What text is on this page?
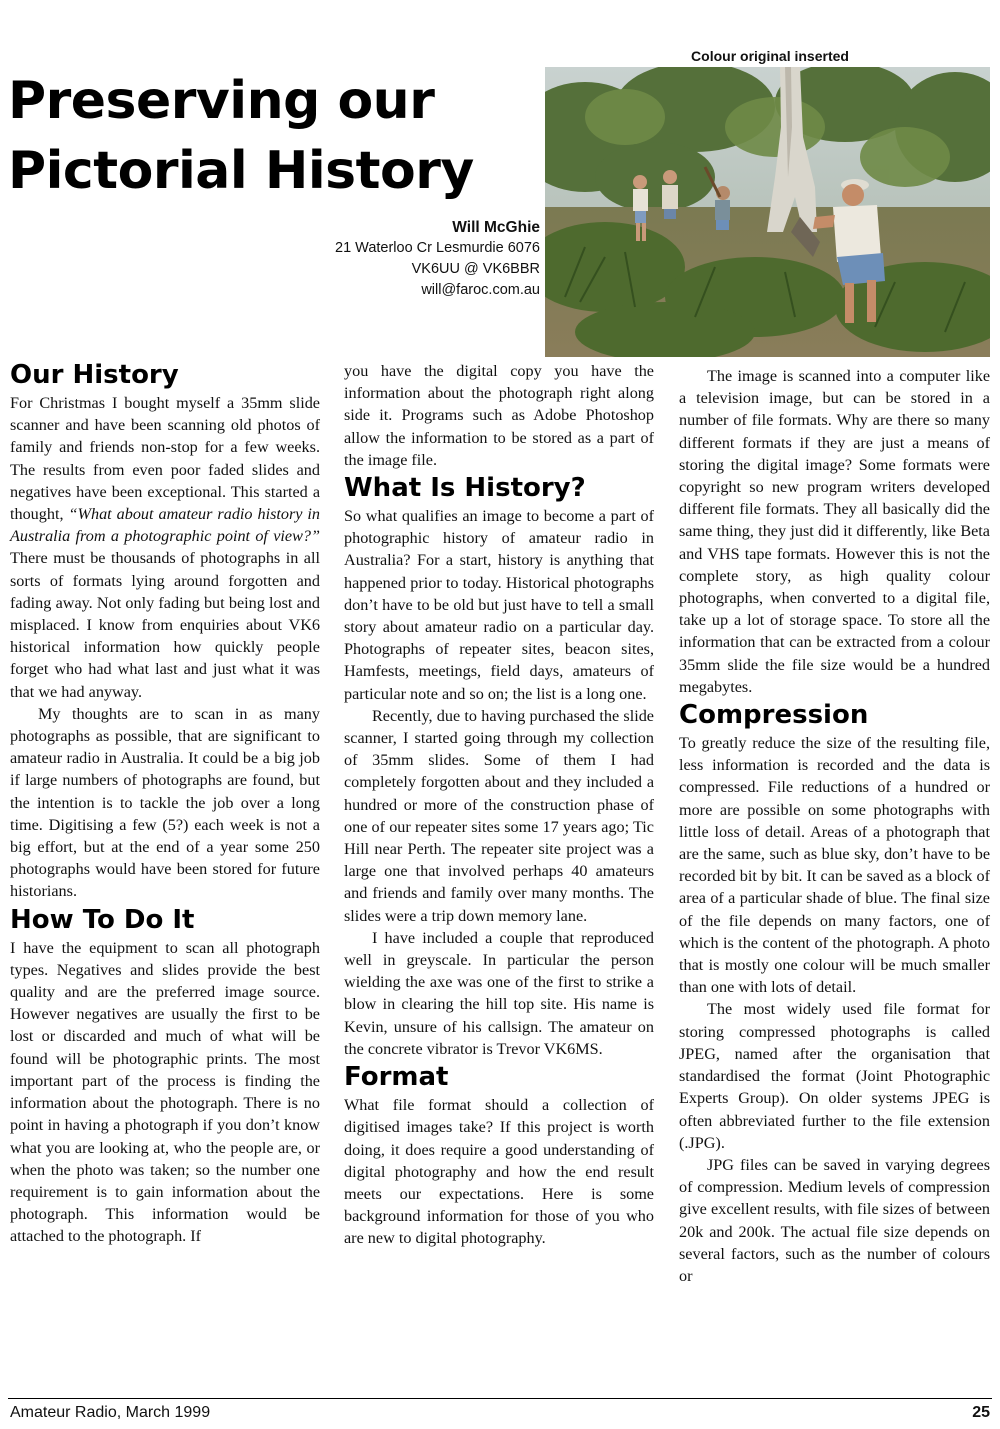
Preserving our
Pictorial History
Colour original inserted
Will McGhie
21 Waterloo Cr Lesmurdie 6076
VK6UU @ VK6BBR
will@faroc.com.au
Our History

For Christmas I bought myself a 35mm slide scanner and have been scanning old photos of family and friends non-stop for a few weeks. The results from even poor faded slides and negatives have been exceptional. This started a thought, “What about amateur radio history in Australia from a photographic point of view?” There must be thousands of photographs in all sorts of formats lying around forgotten and fading away. Not only fading but being lost and misplaced. I know from enquiries about VK6 historical information how quickly people forget who had what last and just what it was that we had anyway.

My thoughts are to scan in as many photographs as possible, that are significant to amateur radio in Australia. It could be a big job if large numbers of photographs are found, but the intention is to tackle the job over a long time. Digitising a few (5?) each week is not a big effort, but at the end of a year some 250 photographs would have been stored for future historians.

How To Do It

I have the equipment to scan all photograph types. Negatives and slides provide the best quality and are the preferred image source. However negatives are usually the first to be lost or discarded and much of what will be found will be photographic prints. The most important part of the process is finding the information about the photograph. There is no point in having a photograph if you don’t know what you are looking at, who the people are, or when the photo was taken; so the number one requirement is to gain information about the photograph. This information would be attached to the photograph. If

you have the digital copy you have the information about the photograph right along side it. Programs such as Adobe Photoshop allow the information to be stored as a part of the image file.

What Is History?

So what qualifies an image to become a part of photographic history of amateur radio in Australia? For a start, history is anything that happened prior to today. Historical photographs don’t have to be old but just have to tell a small story about amateur radio on a particular day. Photographs of repeater sites, beacon sites, Hamfests, meetings, field days, amateurs of particular note and so on; the list is a long one.

Recently, due to having purchased the slide scanner, I started going through my collection of 35mm slides. Some of them I had completely forgotten about and they included a hundred or more of the construction phase of one of our repeater sites some 17 years ago; Tic Hill near Perth. The repeater site project was a large one that involved perhaps 40 amateurs and friends and family over many months. The slides were a trip down memory lane.

I have included a couple that reproduced well in greyscale. In particular the person wielding the axe was one of the first to strike a blow in clearing the hill top site. His name is Kevin, unsure of his callsign. The amateur on the concrete vibrator is Trevor VK6MS.

Format

What file format should a collection of digitised images take? If this project is worth doing, it does require a good understanding of digital photography and how the end result meets our expectations. Here is some background information for those of you who are new to digital photography.

The image is scanned into a computer like a television image, but can be stored in a number of file formats. Why are there so many different formats if they are just a means of storing the digital image? Some formats were copyright so new program writers developed different file formats. They all basically did the same thing, they just did it differently, like Beta and VHS tape formats. However this is not the complete story, as high quality colour photographs, when converted to a digital file, take up a lot of storage space. To store all the information that can be extracted from a colour 35mm slide the file size would be a hundred megabytes.

Compression

To greatly reduce the size of the resulting file, less information is recorded and the data is compressed. File reductions of a hundred or more are possible on some photographs with little loss of detail. Areas of a photograph that are the same, such as blue sky, don’t have to be recorded bit by bit. It can be saved as a block of area of a particular shade of blue. The final size of the file depends on many factors, one of which is the content of the photograph. A photo that is mostly one colour will be much smaller than one with lots of detail.

The most widely used file format for storing compressed photographs is called JPEG, named after the organisation that standardised the format (Joint Photographic Experts Group). On older systems JPEG is often abbreviated further to the file extension (.JPG).

JPG files can be saved in varying degrees of compression. Medium levels of compression give excellent results, with file sizes of between 20k and 200k. The actual file size depends on several factors, such as the number of colours or

Amateur Radio, March 1999	25
